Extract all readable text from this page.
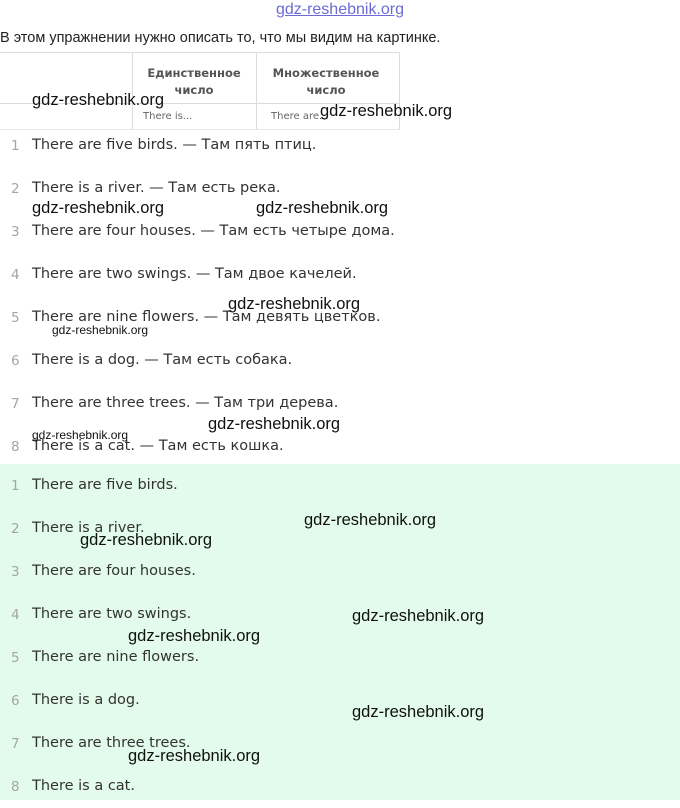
gdz-reshebnik.org
В этом упражнении нужно описать то, что мы видим на картинке.
Единственное число
Множественное число
There is...	There are...
1 There are five birds. — Там пять птиц.
2 There is a river. — Там есть река.
3 There are four houses. — Там есть четыре дома.
4 There are two swings. — Там двое качелей.
5 There are nine flowers. — Там девять цветков.
6 There is a dog. — Там есть собака.
7 There are three trees. — Там три дерева.
8 There is a cat. — Там есть кошка.
1 There are five birds.
2 There is a river.
3 There are four houses.
4 There are two swings.
5 There are nine flowers.
6 There is a dog.
7 There are three trees.
8 There is a cat.
gdz-reshebnik.org
gdz-reshebnik.org
gdz-reshebnik.org	gdz-reshebnik.org
gdz-reshebnik.org
gdz-reshebnik.org
gdz-reshebnik.org
gdz-reshebnik.org
gdz-reshebnik.org
gdz-reshebnik.org
gdz-reshebnik.org
gdz-reshebnik.org
gdz-reshebnik.org
gdz-reshebnik.org
